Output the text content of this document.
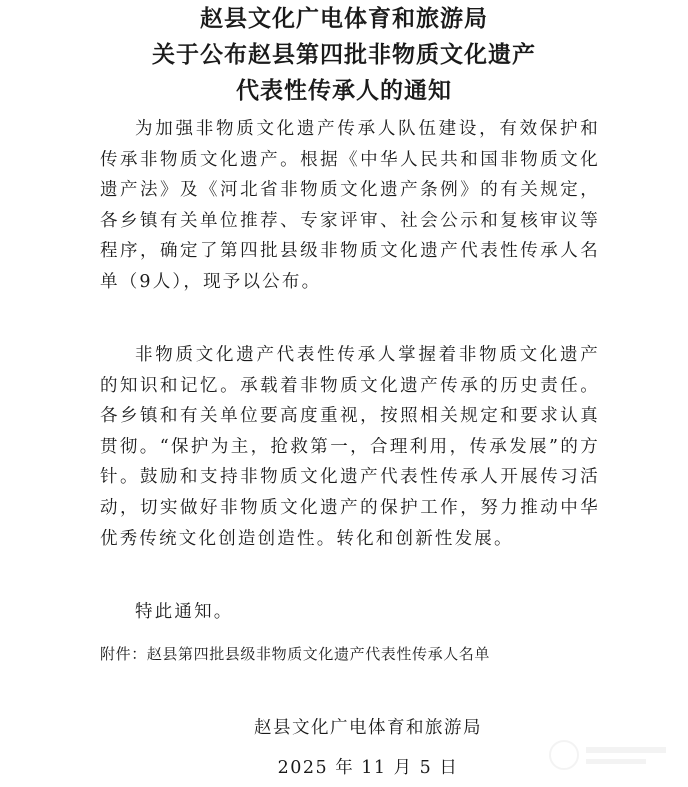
赵县文化广电体育和旅游局
关于公布赵县第四批非物质文化遗产
代表性传承人的通知
为加强非物质文化遗产传承人队伍建设，有效保护和传承非物质文化遗产。根据《中华人民共和国非物质文化遗产法》及《河北省非物质文化遗产条例》的有关规定，各乡镇有关单位推荐、专家评审、社会公示和复核审议等程序，确定了第四批县级非物质文化遗产代表性传承人名单（9人），现予以公布。
非物质文化遗产代表性传承人掌握着非物质文化遗产的知识和记忆。承载着非物质文化遗产传承的历史责任。各乡镇和有关单位要高度重视，按照相关规定和要求认真贯彻。“保护为主，抢救第一，合理利用，传承发展”的方针。鼓励和支持非物质文化遗产代表性传承人开展传习活动，切实做好非物质文化遗产的保护工作，努力推动中华优秀传统文化创造创造性。转化和创新性发展。
特此通知。
附件：赵县第四批县级非物质文化遗产代表性传承人名单
赵县文化广电体育和旅游局
2025 年 11 月 5 日
